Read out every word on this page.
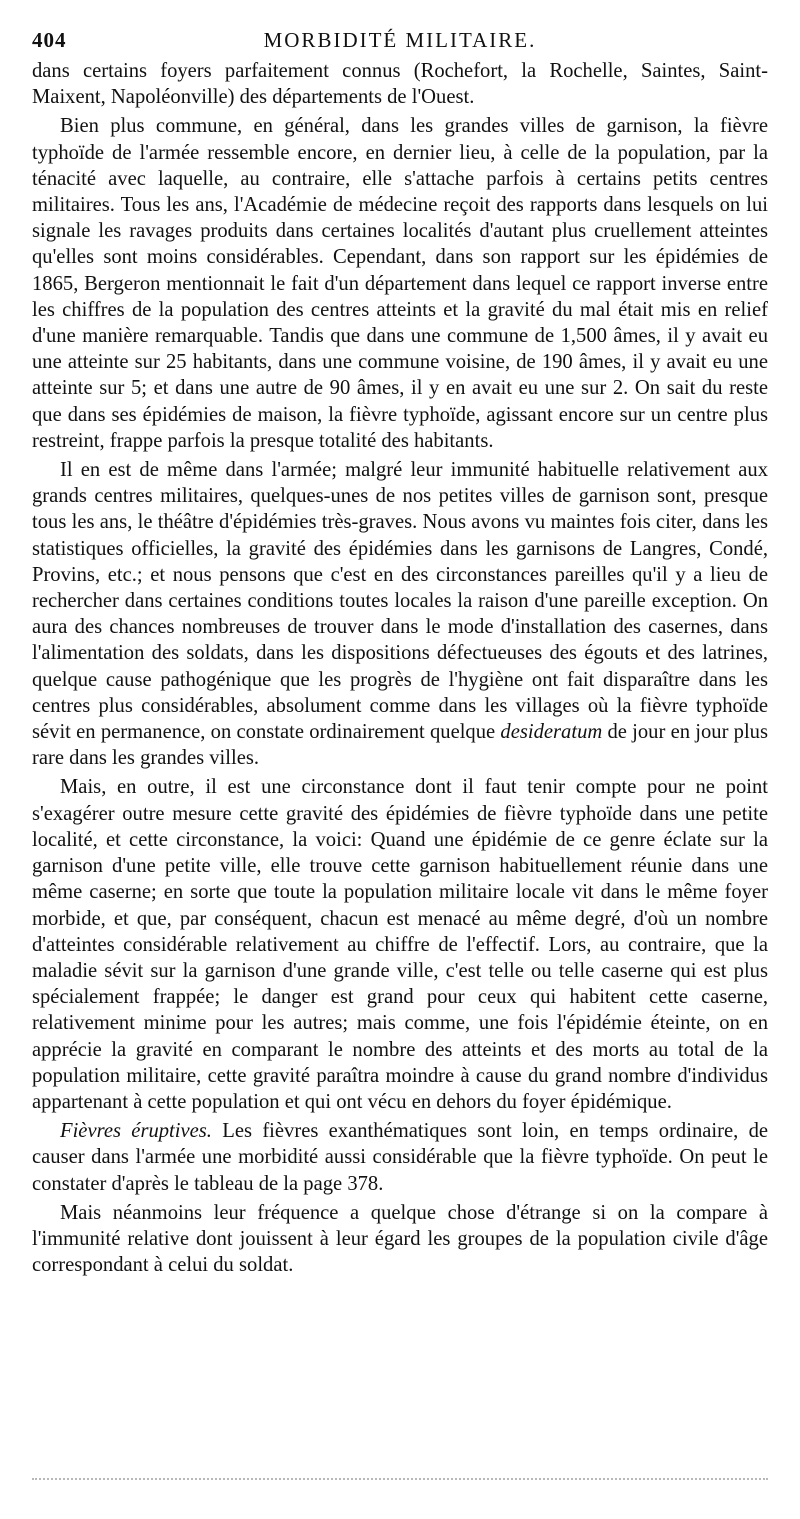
404	MORBIDITÉ MILITAIRE.

dans certains foyers parfaitement connus (Rochefort, la Rochelle, Saintes, Saint-Maixent, Napoléonville) des départements de l'Ouest.

Bien plus commune, en général, dans les grandes villes de garnison, la fièvre typhoïde de l'armée ressemble encore, en dernier lieu, à celle de la population, par la ténacité avec laquelle, au contraire, elle s'attache parfois à certains petits centres militaires. Tous les ans, l'Académie de médecine reçoit des rapports dans lesquels on lui signale les ravages produits dans certaines localités d'autant plus cruellement atteintes qu'elles sont moins considérables. Cependant, dans son rapport sur les épidémies de 1865, Bergeron mentionnait le fait d'un département dans lequel ce rapport inverse entre les chiffres de la population des centres atteints et la gravité du mal était mis en relief d'une manière remarquable. Tandis que dans une commune de 1,500 âmes, il y avait eu une atteinte sur 25 habitants, dans une commune voisine, de 190 âmes, il y avait eu une atteinte sur 5; et dans une autre de 90 âmes, il y en avait eu une sur 2. On sait du reste que dans ses épidémies de maison, la fièvre typhoïde, agissant encore sur un centre plus restreint, frappe parfois la presque totalité des habitants.

Il en est de même dans l'armée; malgré leur immunité habituelle relativement aux grands centres militaires, quelques-unes de nos petites villes de garnison sont, presque tous les ans, le théâtre d'épidémies très-graves. Nous avons vu maintes fois citer, dans les statistiques officielles, la gravité des épidémies dans les garnisons de Langres, Condé, Provins, etc.; et nous pensons que c'est en des circonstances pareilles qu'il y a lieu de rechercher dans certaines conditions toutes locales la raison d'une pareille exception. On aura des chances nombreuses de trouver dans le mode d'installation des casernes, dans l'alimentation des soldats, dans les dispositions défectueuses des égouts et des latrines, quelque cause pathogénique que les progrès de l'hygiène ont fait disparaître dans les centres plus considérables, absolument comme dans les villages où la fièvre typhoïde sévit en permanence, on constate ordinairement quelque desideratum de jour en jour plus rare dans les grandes villes.

Mais, en outre, il est une circonstance dont il faut tenir compte pour ne point s'exagérer outre mesure cette gravité des épidémies de fièvre typhoïde dans une petite localité, et cette circonstance, la voici: Quand une épidémie de ce genre éclate sur la garnison d'une petite ville, elle trouve cette garnison habituellement réunie dans une même caserne; en sorte que toute la population militaire locale vit dans le même foyer morbide, et que, par conséquent, chacun est menacé au même degré, d'où un nombre d'atteintes considérable relativement au chiffre de l'effectif. Lors, au contraire, que la maladie sévit sur la garnison d'une grande ville, c'est telle ou telle caserne qui est plus spécialement frappée; le danger est grand pour ceux qui habitent cette caserne, relativement minime pour les autres; mais comme, une fois l'épidémie éteinte, on en apprécie la gravité en comparant le nombre des atteints et des morts au total de la population militaire, cette gravité paraîtra moindre à cause du grand nombre d'individus appartenant à cette population et qui ont vécu en dehors du foyer épidémique.

Fièvres éruptives. Les fièvres exanthématiques sont loin, en temps ordinaire, de causer dans l'armée une morbidité aussi considérable que la fièvre typhoïde. On peut le constater d'après le tableau de la page 378.

Mais néanmoins leur fréquence a quelque chose d'étrange si on la compare à l'immunité relative dont jouissent à leur égard les groupes de la population civile d'âge correspondant à celui du soldat.
